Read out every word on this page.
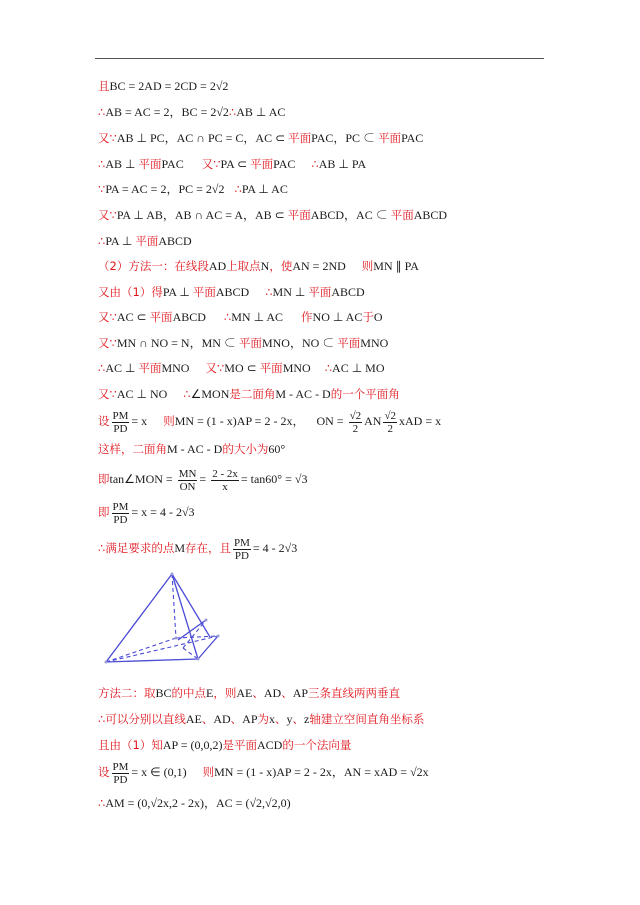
且BC = 2AD = 2CD = 2√2
∴AB = AC = 2，BC = 2√2∴AB ⊥ AC
又∵AB ⊥ PC，AC ∩ PC = C，AC ⊂ 平面PAC，PC ⊂ 平面PAC
∴AB ⊥ 平面PAC 又∵PA ⊂ 平面PAC ∴AB ⊥ PA
∵PA = AC = 2，PC = 2√2 ∴PA ⊥ AC
又∵PA ⊥ AB，AB ∩ AC = A，AB ⊂ 平面ABCD，AC ⊂ 平面ABCD
∴PA ⊥ 平面ABCD
（2）方法一：在线段AD上取点N，使AN = 2ND 则MN ∥ PA
又由（1）得PA ⊥ 平面ABCD ∴MN ⊥ 平面ABCD
又∵AC ⊂ 平面ABCD ∴MN ⊥ AC 作NO ⊥ AC于O
又∵MN ∩ NO = N，MN ⊂ 平面MNO，NO ⊂ 平面MNO
∴AC ⊥ 平面MNO 又∵MO ⊂ 平面MNO ∴AC ⊥ MO
又∵AC ⊥ NO ∴∠MON是二面角M - AC - D的一个平面角
设 $\frac{PM}{PD} = x$ 则MN = (1 - x)AP = 2 - 2x， ON = $\frac{√2}{2}$ AN $\frac{√2}{2}$ xAD = x
这样，二面角M - AC - D的大小为60°
即tan∠MON = $\frac{MN}{ON} = \frac{2 - 2x}{x} = \tan 60^\circ = √3$
即 $\frac{PM}{PD} = x = 4 - 2√3$
∴满足要求的点M存在，且 $\frac{PM}{PD} = 4 - 2√3$
方法二：取BC的中点E，则AE、AD、AP三条直线两两垂直
∴可以分别以直线AE、AD、AP为x、y、z轴建立空间直角坐标系
且由（1）知AP = (0,0,2)是平面ACD的一个法向量
设 $\frac{PM}{PD} = x$ ∈ (0,1) 则MN = (1 - x)AP = 2 - 2x，AN = xAD = √2x
∴AM = (0,√2x,2 - 2x)，AC = (√2,√2,0)
